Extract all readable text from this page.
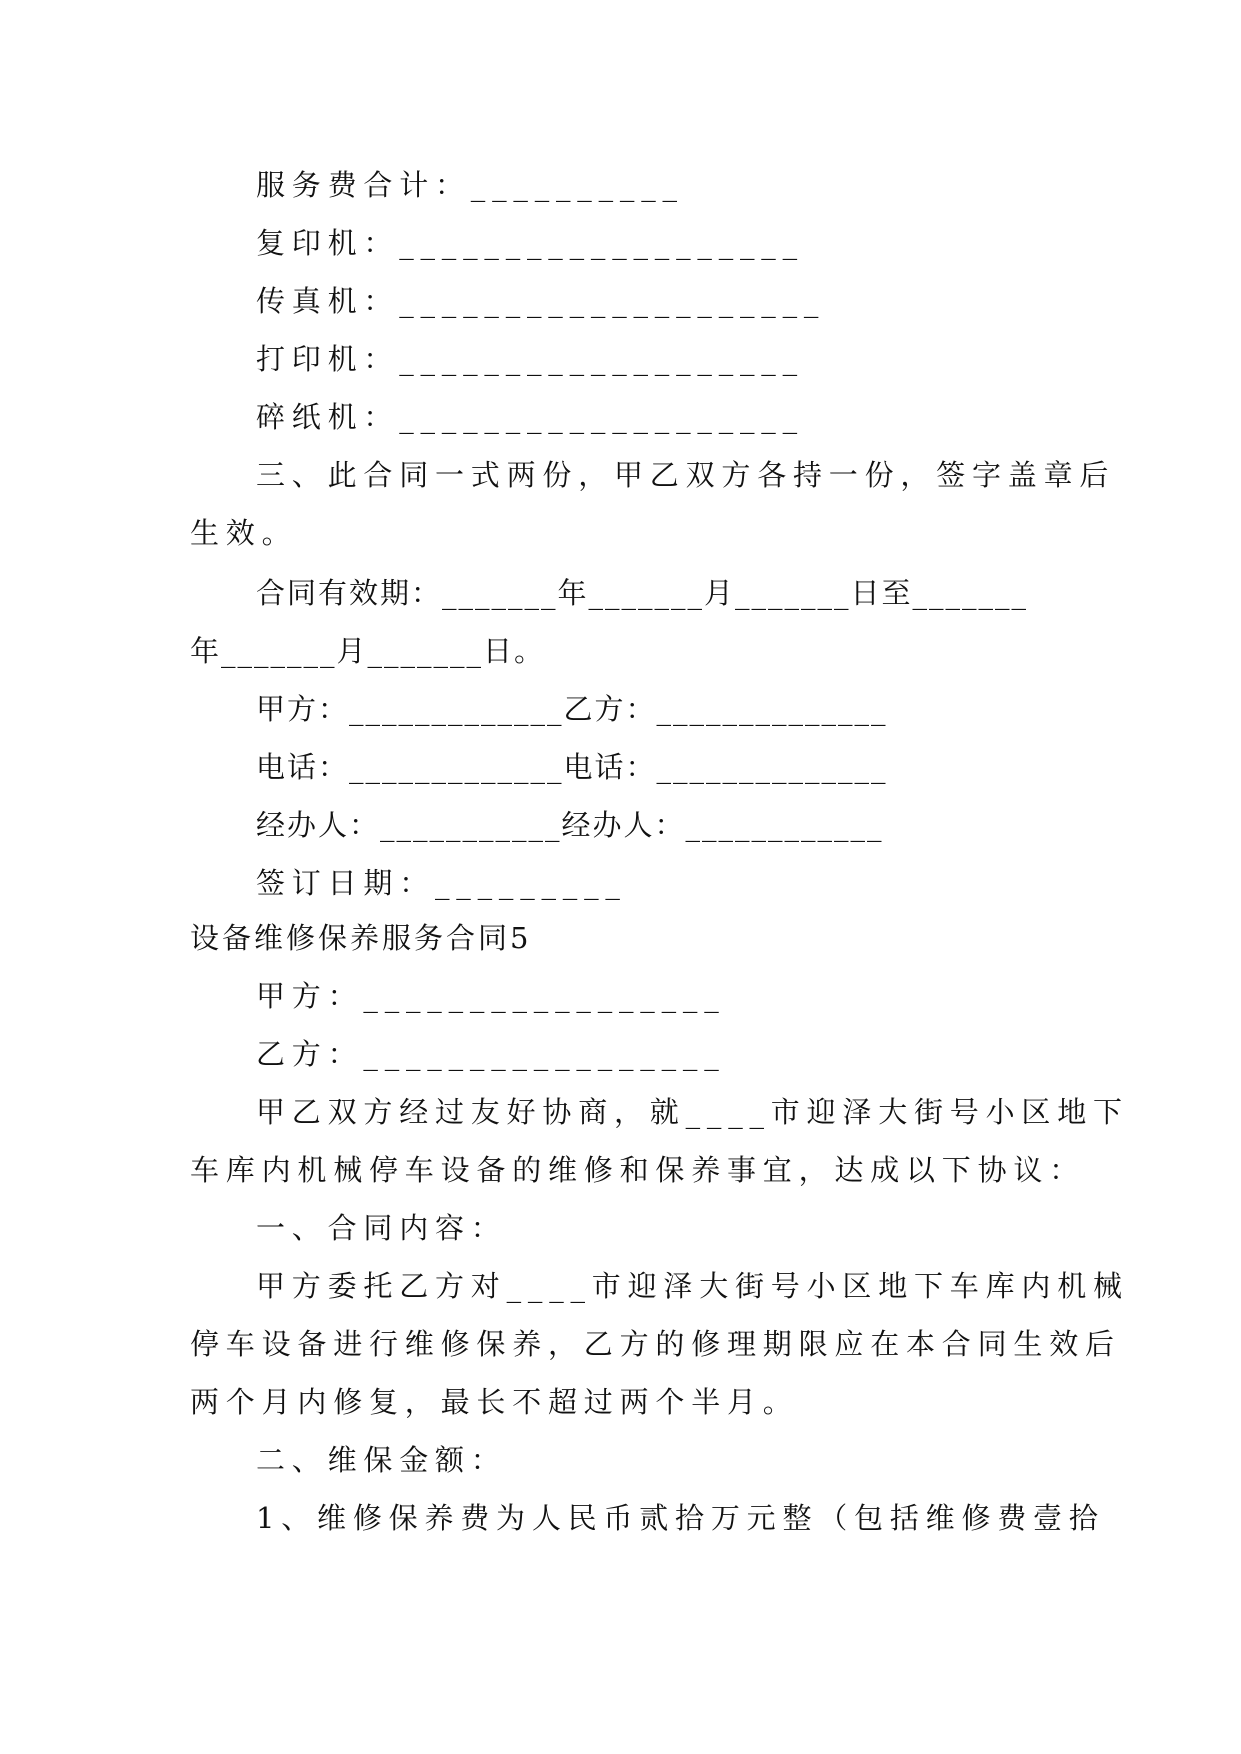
服务费合计：__________
复印机：___________________
传真机：____________________
打印机：___________________
碎纸机：___________________
三、此合同一式两份，甲乙双方各持一份，签字盖章后
生效。
合同有效期：_______年_______月_______日至_______
年_______月_______日。
甲方：_____________乙方：______________
电话：_____________电话：______________
经办人：___________经办人：____________
签订日期：_________
设备维修保养服务合同5
甲方：_________________
乙方：_________________
甲乙双方经过友好协商，就____市迎泽大街号小区地下
车库内机械停车设备的维修和保养事宜，达成以下协议：
一、合同内容：
甲方委托乙方对____市迎泽大街号小区地下车库内机械
停车设备进行维修保养，乙方的修理期限应在本合同生效后
两个月内修复，最长不超过两个半月。
二、维保金额：
1、维修保养费为人民币贰拾万元整（包括维修费壹拾
